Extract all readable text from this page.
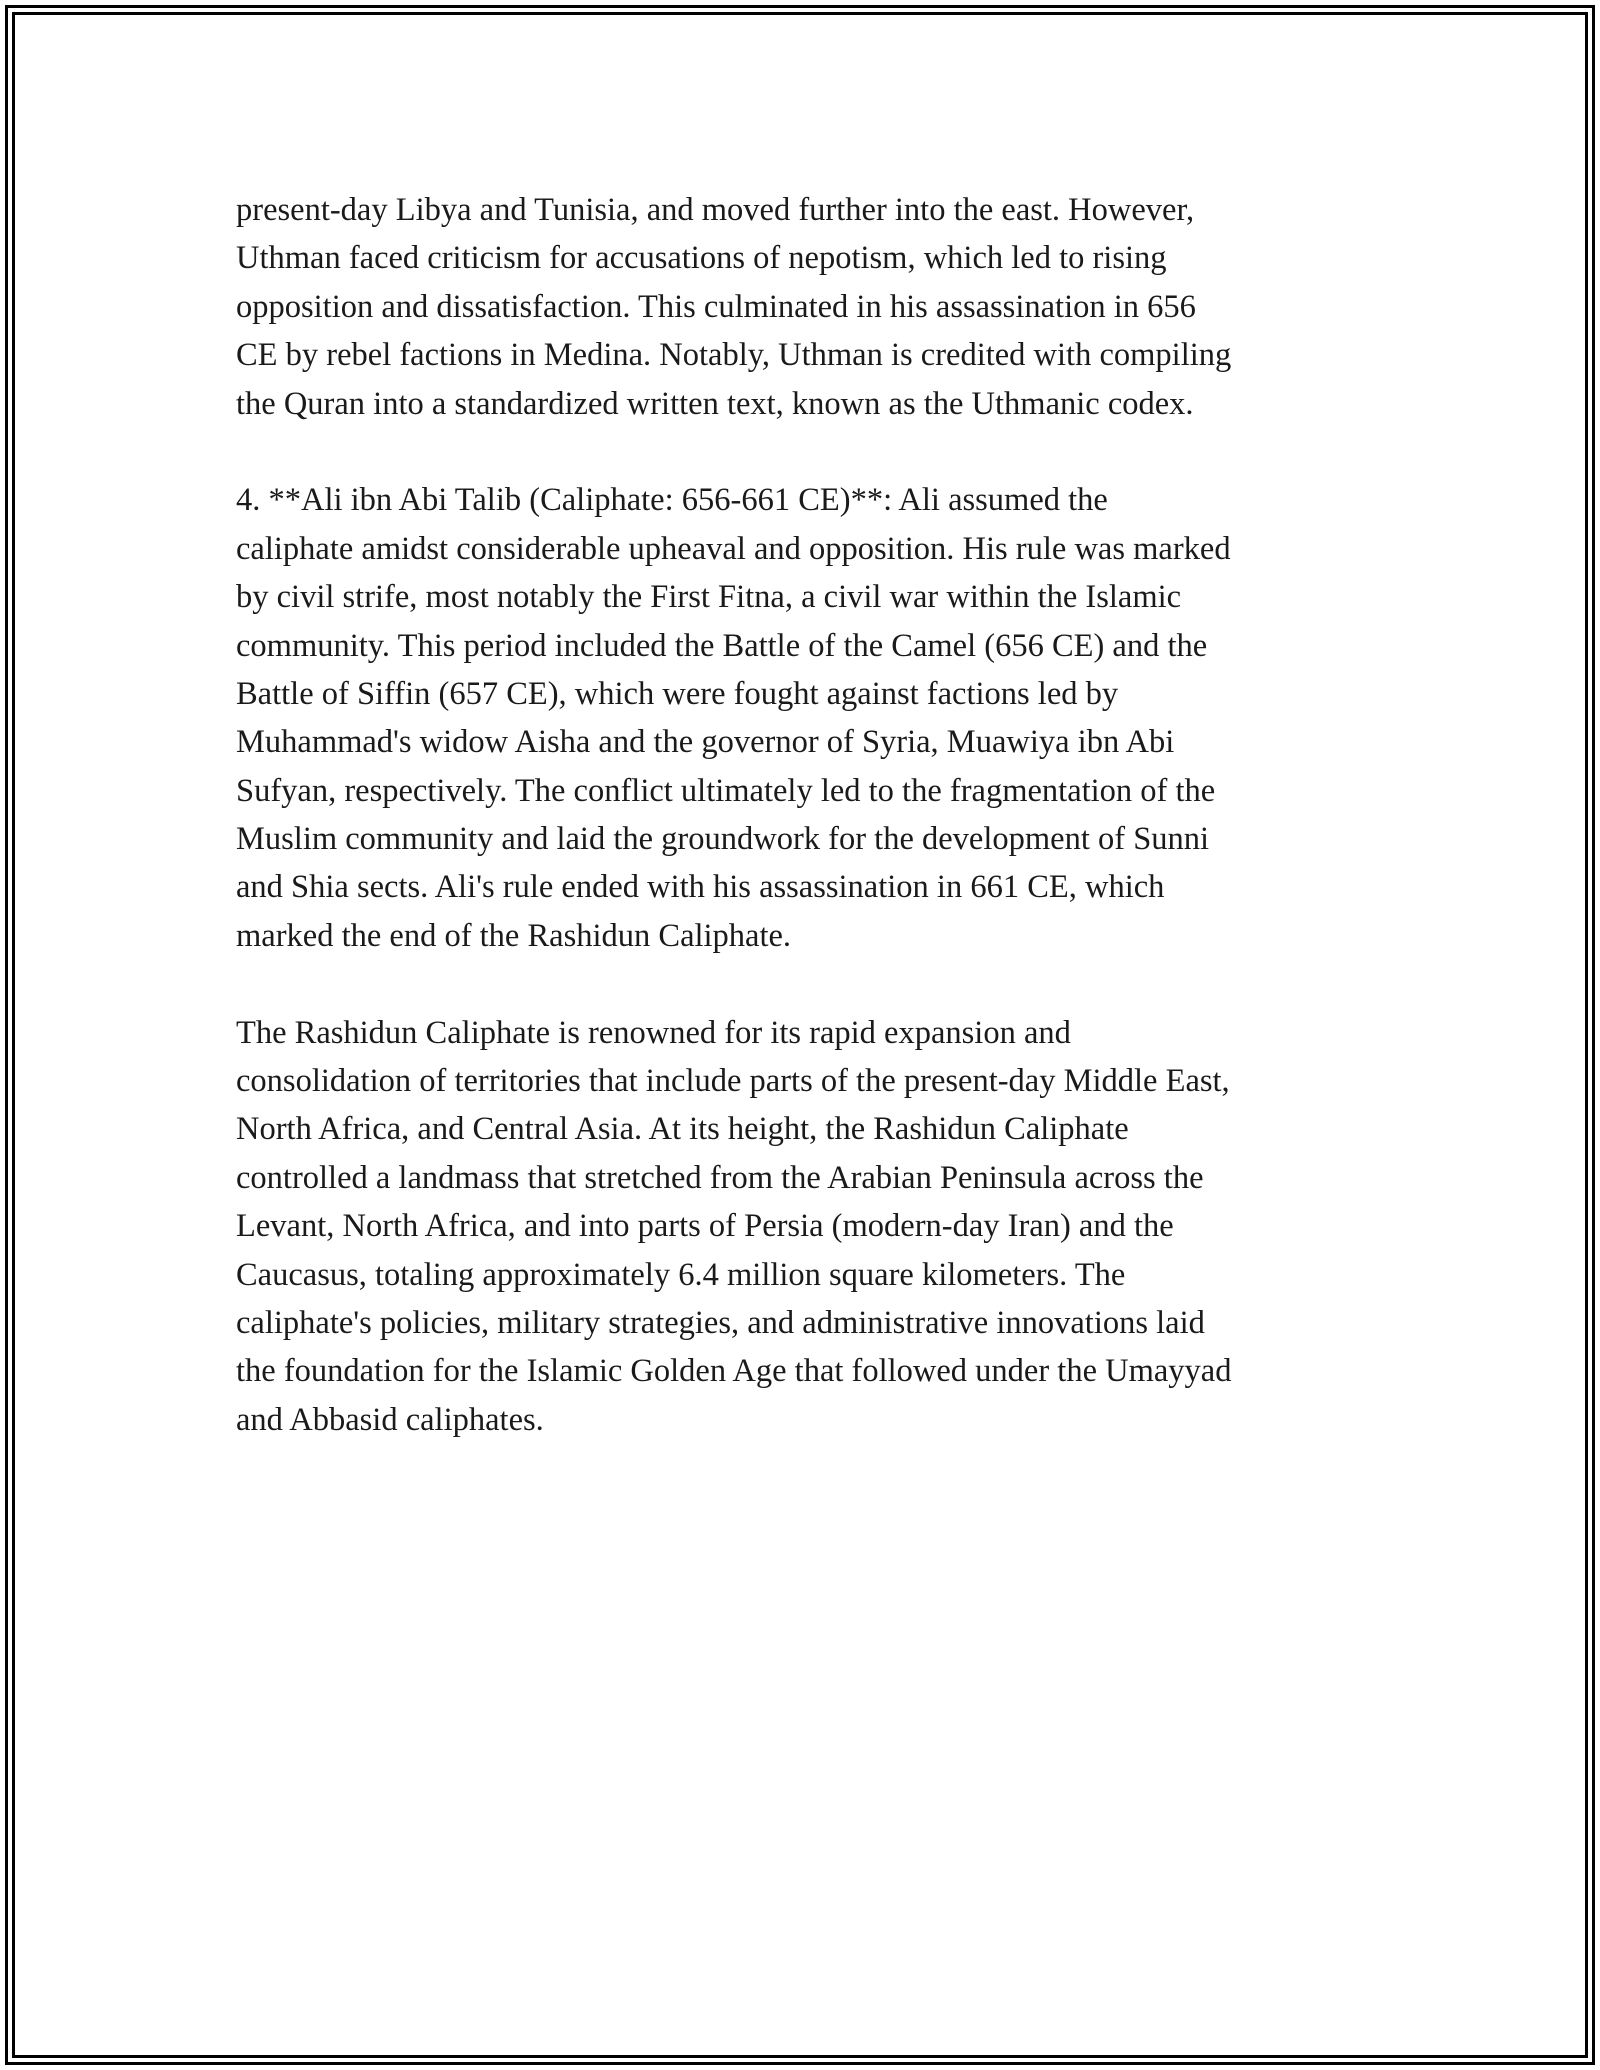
present-day Libya and Tunisia, and moved further into the east. However,
Uthman faced criticism for accusations of nepotism, which led to rising
opposition and dissatisfaction. This culminated in his assassination in 656
CE by rebel factions in Medina. Notably, Uthman is credited with compiling
the Quran into a standardized written text, known as the Uthmanic codex.
4. **Ali ibn Abi Talib (Caliphate: 656-661 CE)**: Ali assumed the
caliphate amidst considerable upheaval and opposition. His rule was marked
by civil strife, most notably the First Fitna, a civil war within the Islamic
community. This period included the Battle of the Camel (656 CE) and the
Battle of Siffin (657 CE), which were fought against factions led by
Muhammad's widow Aisha and the governor of Syria, Muawiya ibn Abi
Sufyan, respectively. The conflict ultimately led to the fragmentation of the
Muslim community and laid the groundwork for the development of Sunni
and Shia sects. Ali's rule ended with his assassination in 661 CE, which
marked the end of the Rashidun Caliphate.
The Rashidun Caliphate is renowned for its rapid expansion and
consolidation of territories that include parts of the present-day Middle East,
North Africa, and Central Asia. At its height, the Rashidun Caliphate
controlled a landmass that stretched from the Arabian Peninsula across the
Levant, North Africa, and into parts of Persia (modern-day Iran) and the
Caucasus, totaling approximately 6.4 million square kilometers. The
caliphate's policies, military strategies, and administrative innovations laid
the foundation for the Islamic Golden Age that followed under the Umayyad
and Abbasid caliphates.
